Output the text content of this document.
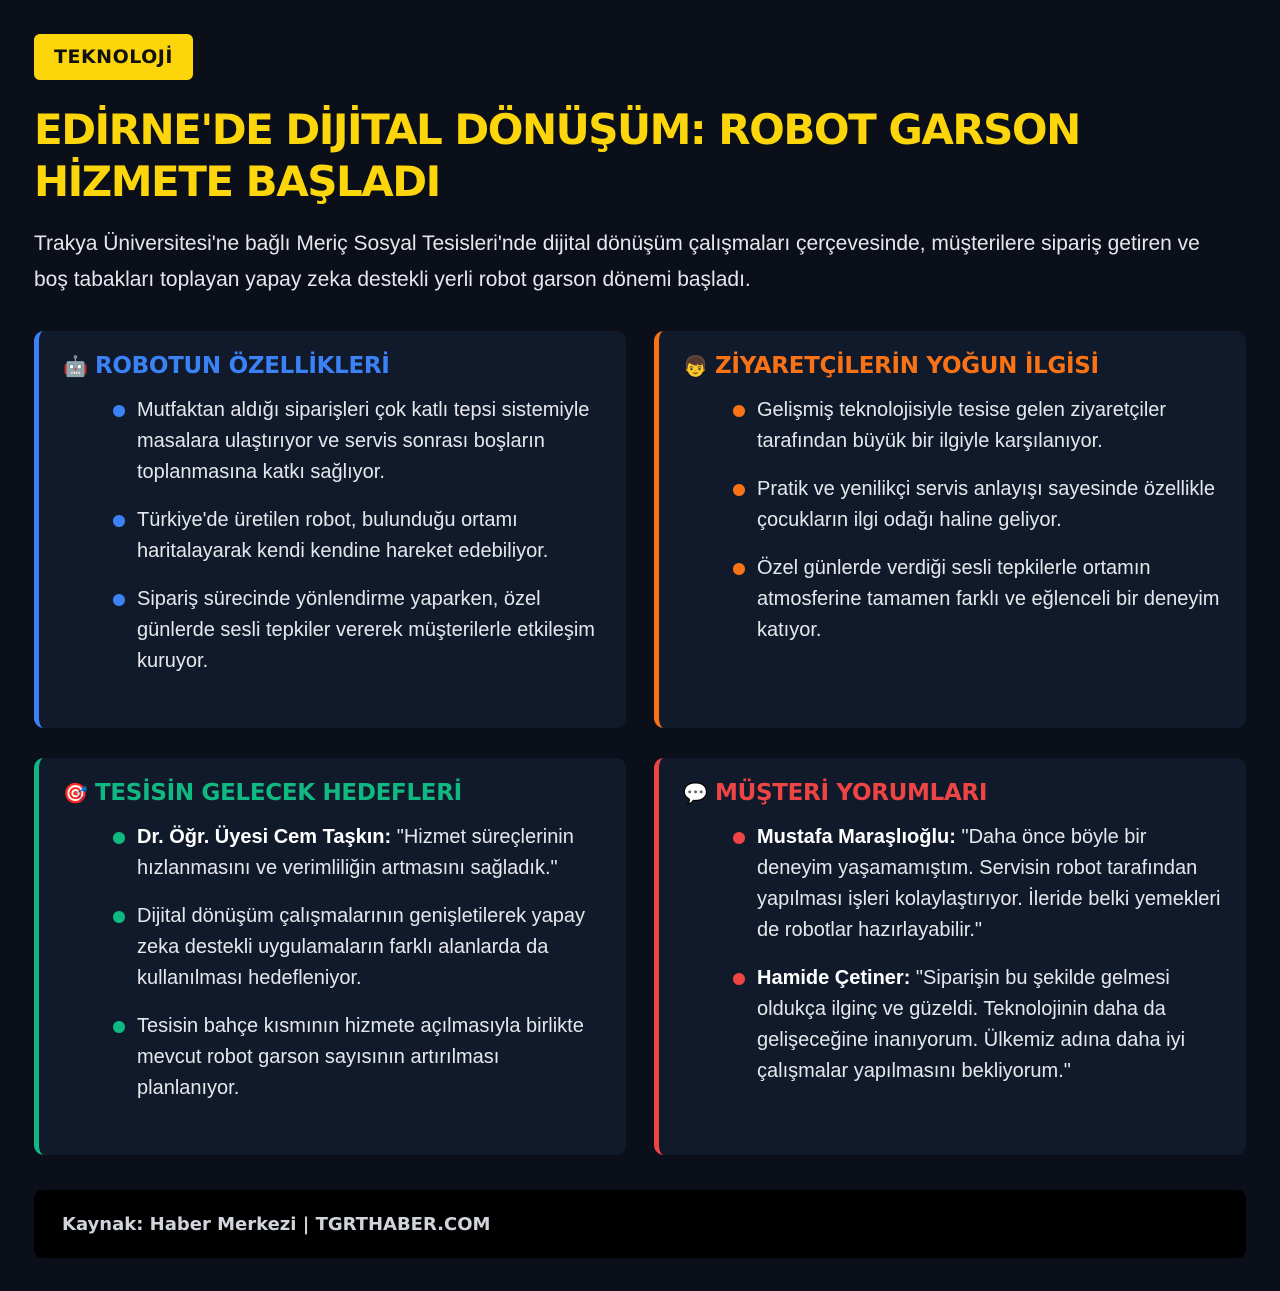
TEKNOLOJİ
EDİRNE'DE DİJİTAL DÖNÜŞÜM: ROBOT GARSON HİZMETE BAŞLADI

Trakya Üniversitesi'ne bağlı Meriç Sosyal Tesisleri'nde dijital dönüşüm çalışmaları çerçevesinde, müşterilere sipariş getiren ve boş tabakları toplayan yapay zeka destekli yerli robot garson dönemi başladı.

🤖 ROBOTUN ÖZELLİKLERİ
Mutfaktan aldığı siparişleri çok katlı tepsi sistemiyle masalara ulaştırıyor ve servis sonrası boşların toplanmasına katkı sağlıyor.
Türkiye'de üretilen robot, bulunduğu ortamı haritalayarak kendi kendine hareket edebiliyor.
Sipariş sürecinde yönlendirme yaparken, özel günlerde sesli tepkiler vererek müşterilerle etkileşim kuruyor.
👦 ZİYARETÇİLERİN YOĞUN İLGİSİ
Gelişmiş teknolojisiyle tesise gelen ziyaretçiler tarafından büyük bir ilgiyle karşılanıyor.
Pratik ve yenilikçi servis anlayışı sayesinde özellikle çocukların ilgi odağı haline geliyor.
Özel günlerde verdiği sesli tepkilerle ortamın atmosferine tamamen farklı ve eğlenceli bir deneyim katıyor.
🎯 TESİSİN GELECEK HEDEFLERİ
Dr. Öğr. Üyesi Cem Taşkın: "Hizmet süreçlerinin hızlanmasını ve verimliliğin artmasını sağladık."
Dijital dönüşüm çalışmalarının genişletilerek yapay zeka destekli uygulamaların farklı alanlarda da kullanılması hedefleniyor.
Tesisin bahçe kısmının hizmete açılmasıyla birlikte mevcut robot garson sayısının artırılması planlanıyor.
💬 MÜŞTERİ YORUMLARI
Mustafa Maraşlıoğlu: "Daha önce böyle bir deneyim yaşamamıştım. Servisin robot tarafından yapılması işleri kolaylaştırıyor. İleride belki yemekleri de robotlar hazırlayabilir."
Hamide Çetiner: "Siparişin bu şekilde gelmesi oldukça ilginç ve güzeldi. Teknolojinin daha da gelişeceğine inanıyorum. Ülkemiz adına daha iyi çalışmalar yapılmasını bekliyorum."
Kaynak: Haber Merkezi | TGRTHABER.COM
